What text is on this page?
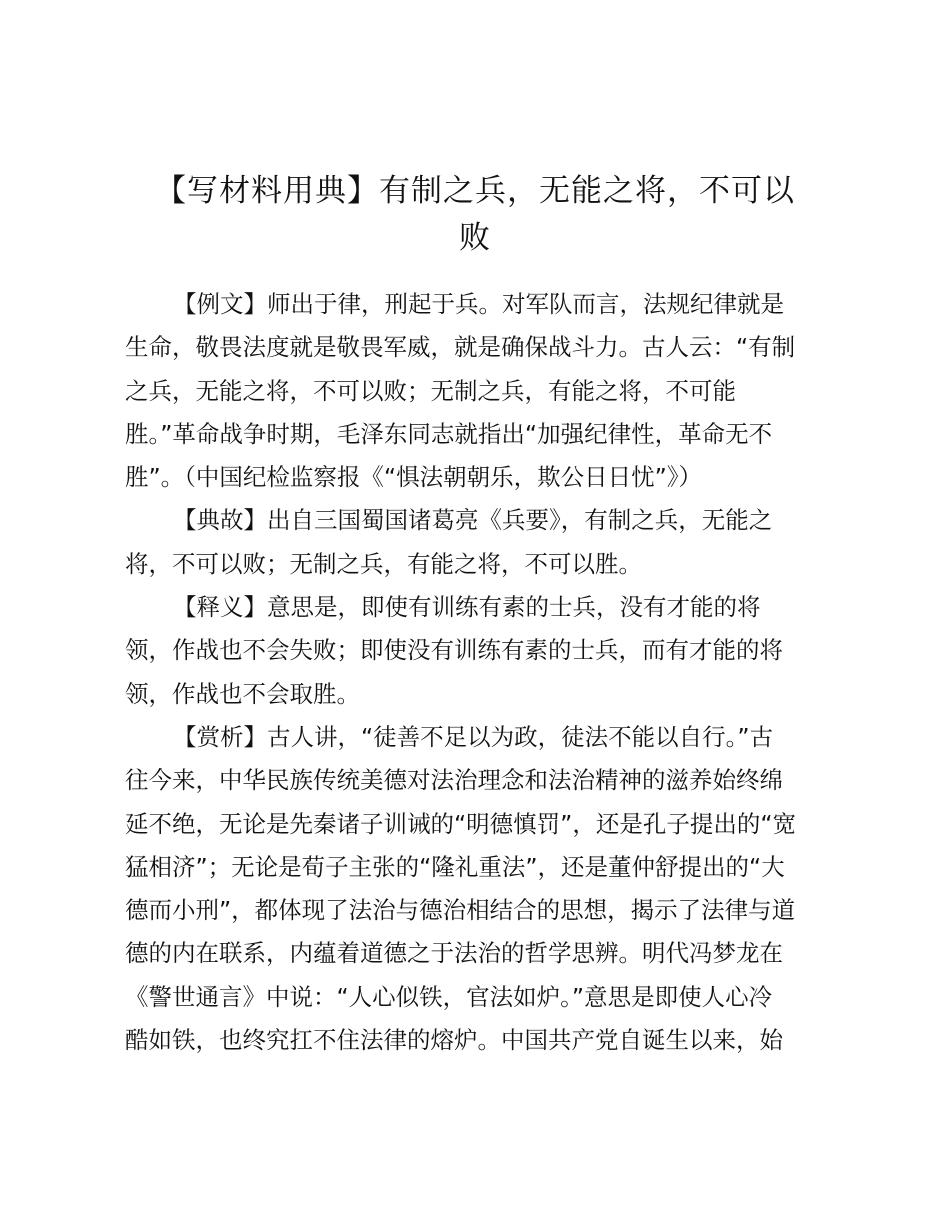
【写材料用典】有制之兵，无能之将，不可以
败
【例文】师出于律，刑起于兵。对军队而言，法规纪律就是
生命，敬畏法度就是敬畏军威，就是确保战斗力。古人云：“有制
之兵，无能之将，不可以败；无制之兵，有能之将，不可能
胜。”革命战争时期，毛泽东同志就指出“加强纪律性，革命无不
胜”。（中国纪检监察报《“惧法朝朝乐，欺公日日忧”》）
【典故】出自三国蜀国诸葛亮《兵要》，有制之兵，无能之
将，不可以败；无制之兵，有能之将，不可以胜。
【释义】意思是，即使有训练有素的士兵，没有才能的将
领，作战也不会失败；即使没有训练有素的士兵，而有才能的将
领，作战也不会取胜。
【赏析】古人讲，“徒善不足以为政，徒法不能以自行。”古
往今来，中华民族传统美德对法治理念和法治精神的滋养始终绵
延不绝，无论是先秦诸子训诫的“明德慎罚”，还是孔子提出的“宽
猛相济”；无论是荀子主张的“隆礼重法”，还是董仲舒提出的“大
德而小刑”，都体现了法治与德治相结合的思想，揭示了法律与道
德的内在联系，内蕴着道德之于法治的哲学思辨。明代冯梦龙在
《警世通言》中说：“人心似铁，官法如炉。”意思是即使人心冷
酷如铁，也终究扛不住法律的熔炉。中国共产党自诞生以来，始
